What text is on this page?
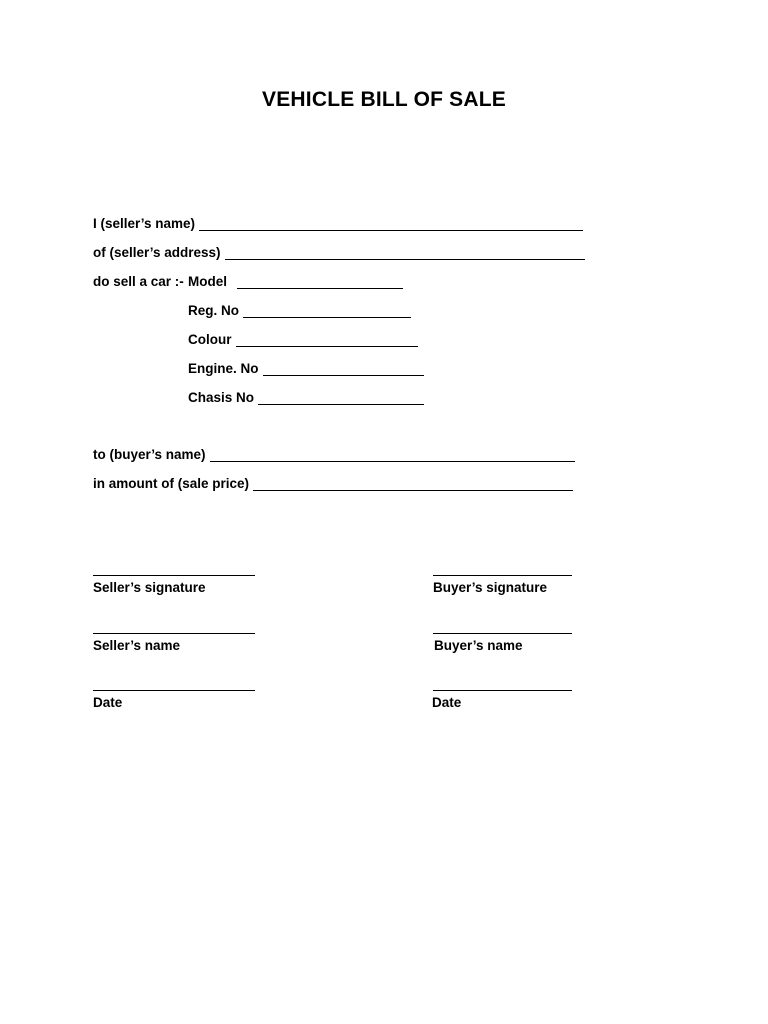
VEHICLE BILL OF SALE
I (seller’s name)
of (seller’s address)
do sell a car :- Model
Reg. No
Colour
Engine. No
Chasis No
to (buyer’s name)
in amount of (sale price)
Seller’s signature
Seller’s name
Date
Buyer’s signature
Buyer’s name
Date
